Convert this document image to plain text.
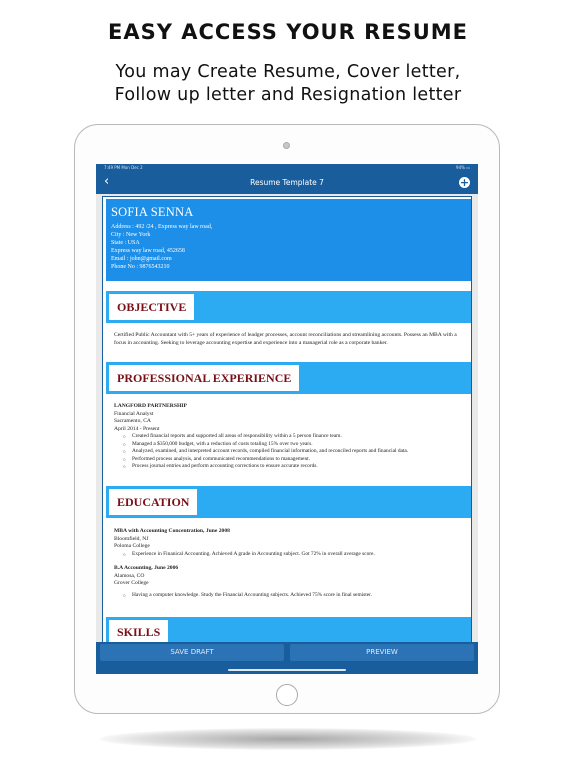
EASY ACCESS YOUR RESUME
You may Create Resume, Cover letter,
Follow up letter and Resignation letter
7:49 PM Mon Dec 2	94% ▭
‹	Resume Template 7	+
SOFIA SENNA
Address : 492 /24 , Express way law road,
City : New York
State : USA
Express way law road, 452658
Email : john@gmail.com
Phone No : 9876543210
OBJECTIVE
Certified Public Accountant with 5+ years of experience of leadger processes, account reconciliations and streamlining accounts. Possess an MBA with a focus in accounting. Seeking to leverage accounting expertise and experience into a managerial role as a corporate banker.
PROFESSIONAL EXPERIENCE
LANGFORD PARTNERSHIP
Financial Analyst
Sacramento, CA
April 2014 - Present
○ Created financial reports and supported all areas of responsibility within a 5 person finance team.
○ Managed a $350,000 budget, with a reduction of costs totaling 15% over two years.
○ Analyzed, examined, and interpreted account records, compiled financial information, and reconciled reports and financial data.
○ Performed process analysis, and communicated recommendations to management.
○ Process journal entries and perform accounting corrections to ensure accurate records.
EDUCATION
MBA with Accounting Concentration, June 2008
Bloomfield, NJ
Poloma College
○ Experience in Finanical Accounting. Achieved A grade in Accounting subject. Got 72% in overall average score.
B.A Accounting, June 2006
Alamosa, CO
Grover College
○ Having a computer knowledge. Study the Financial Accounting subjects. Achieved 75% score in final semister.
SKILLS
SAVE DRAFT	PREVIEW
